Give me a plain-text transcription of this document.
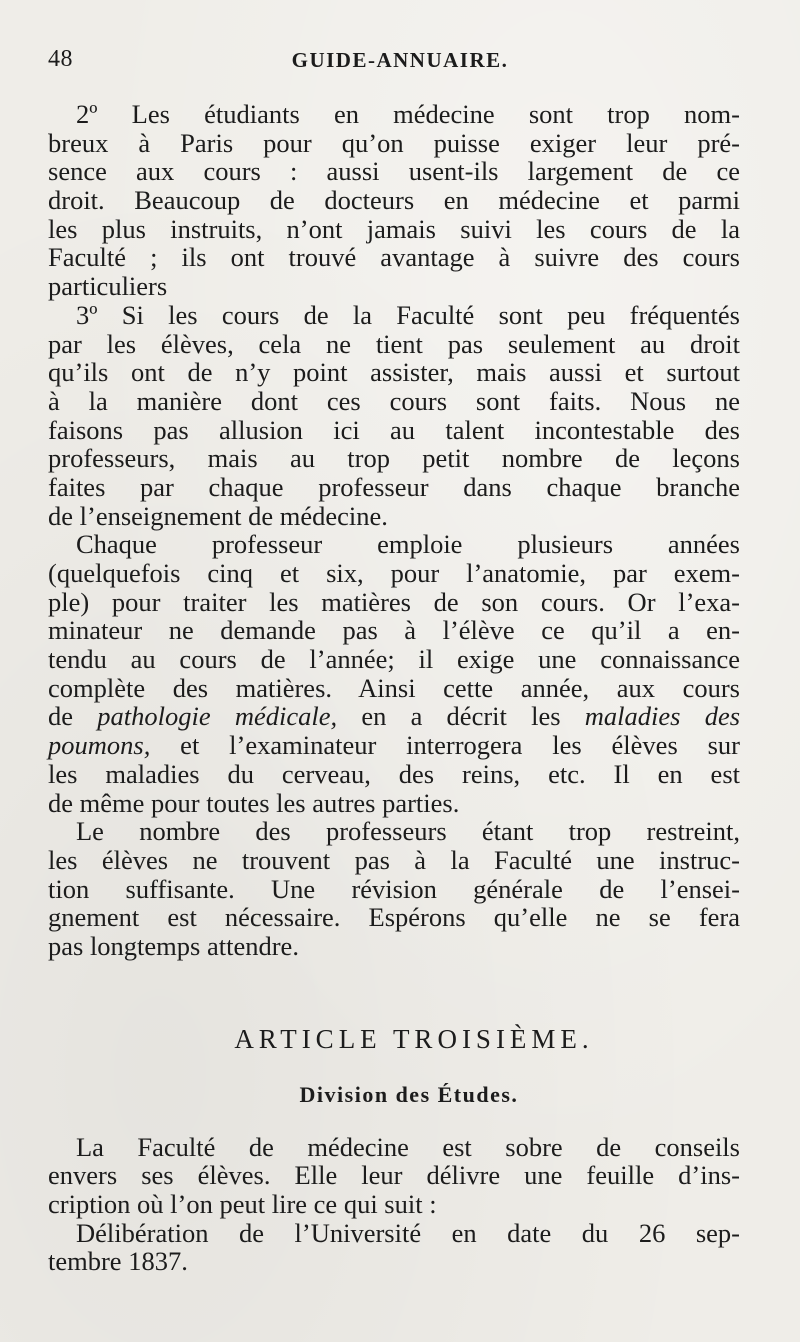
48	GUIDE-ANNUAIRE.
2º Les étudiants en médecine sont trop nom-
breux à Paris pour qu’on puisse exiger leur pré-
sence aux cours : aussi usent-ils largement de ce
droit. Beaucoup de docteurs en médecine et parmi
les plus instruits, n’ont jamais suivi les cours de la
Faculté ; ils ont trouvé avantage à suivre des cours
particuliers
3º Si les cours de la Faculté sont peu fréquentés
par les élèves, cela ne tient pas seulement au droit
qu’ils ont de n’y point assister, mais aussi et surtout
à la manière dont ces cours sont faits. Nous ne
faisons pas allusion ici au talent incontestable des
professeurs, mais au trop petit nombre de leçons
faites par chaque professeur dans chaque branche
de l’enseignement de médecine.
Chaque professeur emploie plusieurs années
(quelquefois cinq et six, pour l’anatomie, par exem-
ple) pour traiter les matières de son cours. Or l’exa-
minateur ne demande pas à l’élève ce qu’il a en-
tendu au cours de l’année; il exige une connaissance
complète des matières. Ainsi cette année, aux cours
de pathologie médicale, en a décrit les maladies des
poumons, et l’examinateur interrogera les élèves sur
les maladies du cerveau, des reins, etc. Il en est
de même pour toutes les autres parties.
Le nombre des professeurs étant trop restreint,
les élèves ne trouvent pas à la Faculté une instruc-
tion suffisante. Une révision générale de l’ensei-
gnement est nécessaire. Espérons qu’elle ne se fera
pas longtemps attendre.
ARTICLE TROISIÈME.
Division des Études.
La Faculté de médecine est sobre de conseils
envers ses élèves. Elle leur délivre une feuille d’ins-
cription où l’on peut lire ce qui suit :
Délibération de l’Université en date du 26 sep-
tembre 1837.
